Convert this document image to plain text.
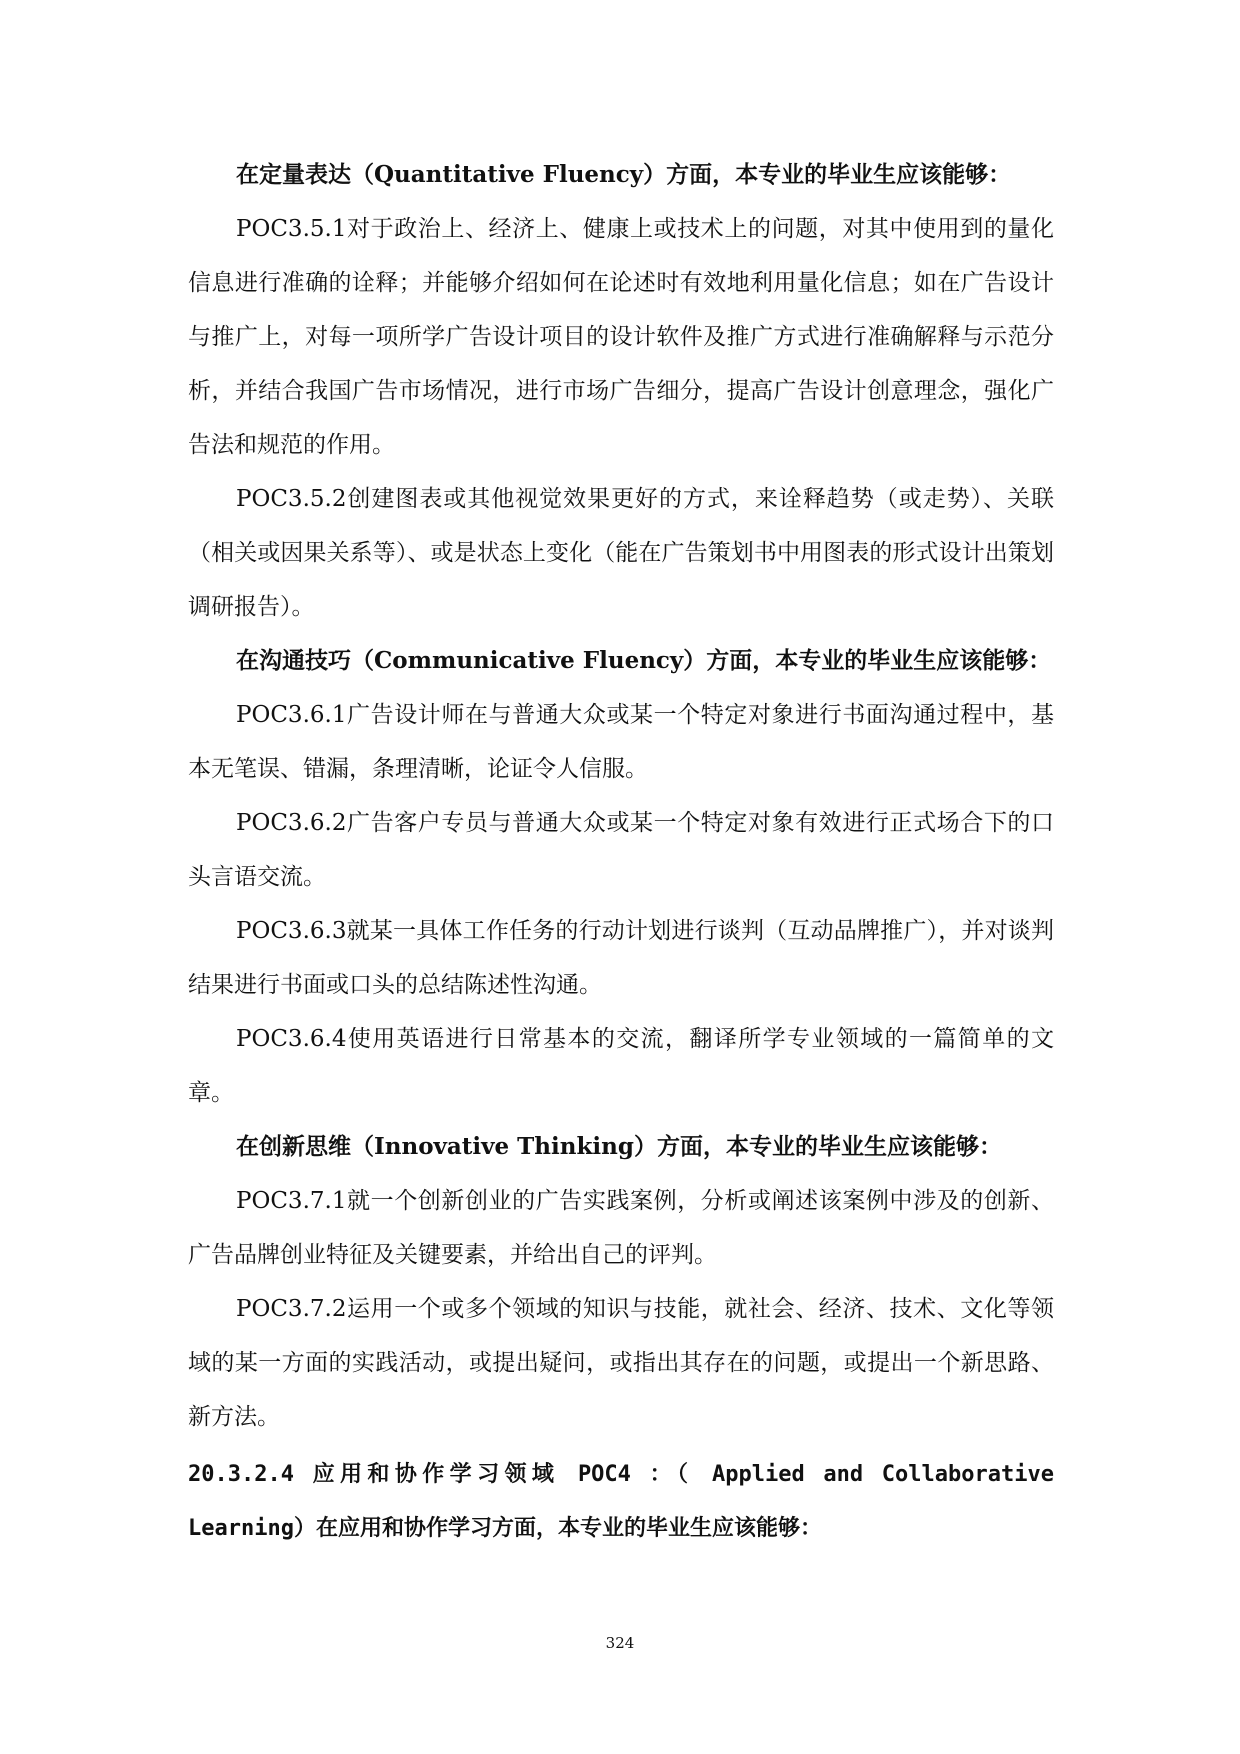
在定量表达（Quantitative Fluency）方面，本专业的毕业生应该能够：

POC3.5.1对于政治上、经济上、健康上或技术上的问题，对其中使用到的量化信息进行准确的诠释；并能够介绍如何在论述时有效地利用量化信息；如在广告设计与推广上，对每一项所学广告设计项目的设计软件及推广方式进行准确解释与示范分析，并结合我国广告市场情况，进行市场广告细分，提高广告设计创意理念，强化广告法和规范的作用。

POC3.5.2创建图表或其他视觉效果更好的方式，来诠释趋势（或走势）、关联（相关或因果关系等）、或是状态上变化（能在广告策划书中用图表的形式设计出策划调研报告）。

在沟通技巧（Communicative Fluency）方面，本专业的毕业生应该能够：

POC3.6.1广告设计师在与普通大众或某一个特定对象进行书面沟通过程中，基本无笔误、错漏，条理清晰，论证令人信服。

POC3.6.2广告客户专员与普通大众或某一个特定对象有效进行正式场合下的口头言语交流。

POC3.6.3就某一具体工作任务的行动计划进行谈判（互动品牌推广），并对谈判结果进行书面或口头的总结陈述性沟通。

POC3.6.4使用英语进行日常基本的交流，翻译所学专业领域的一篇简单的文章。

在创新思维（Innovative Thinking）方面，本专业的毕业生应该能够：

POC3.7.1就一个创新创业的广告实践案例，分析或阐述该案例中涉及的创新、广告品牌创业特征及关键要素，并给出自己的评判。

POC3.7.2运用一个或多个领域的知识与技能，就社会、经济、技术、文化等领域的某一方面的实践活动，或提出疑问，或指出其存在的问题，或提出一个新思路、新方法。

20.3.2.4 应用和协作学习领域 POC4 ：（ Applied and Collaborative Learning）在应用和协作学习方面，本专业的毕业生应该能够：

324
